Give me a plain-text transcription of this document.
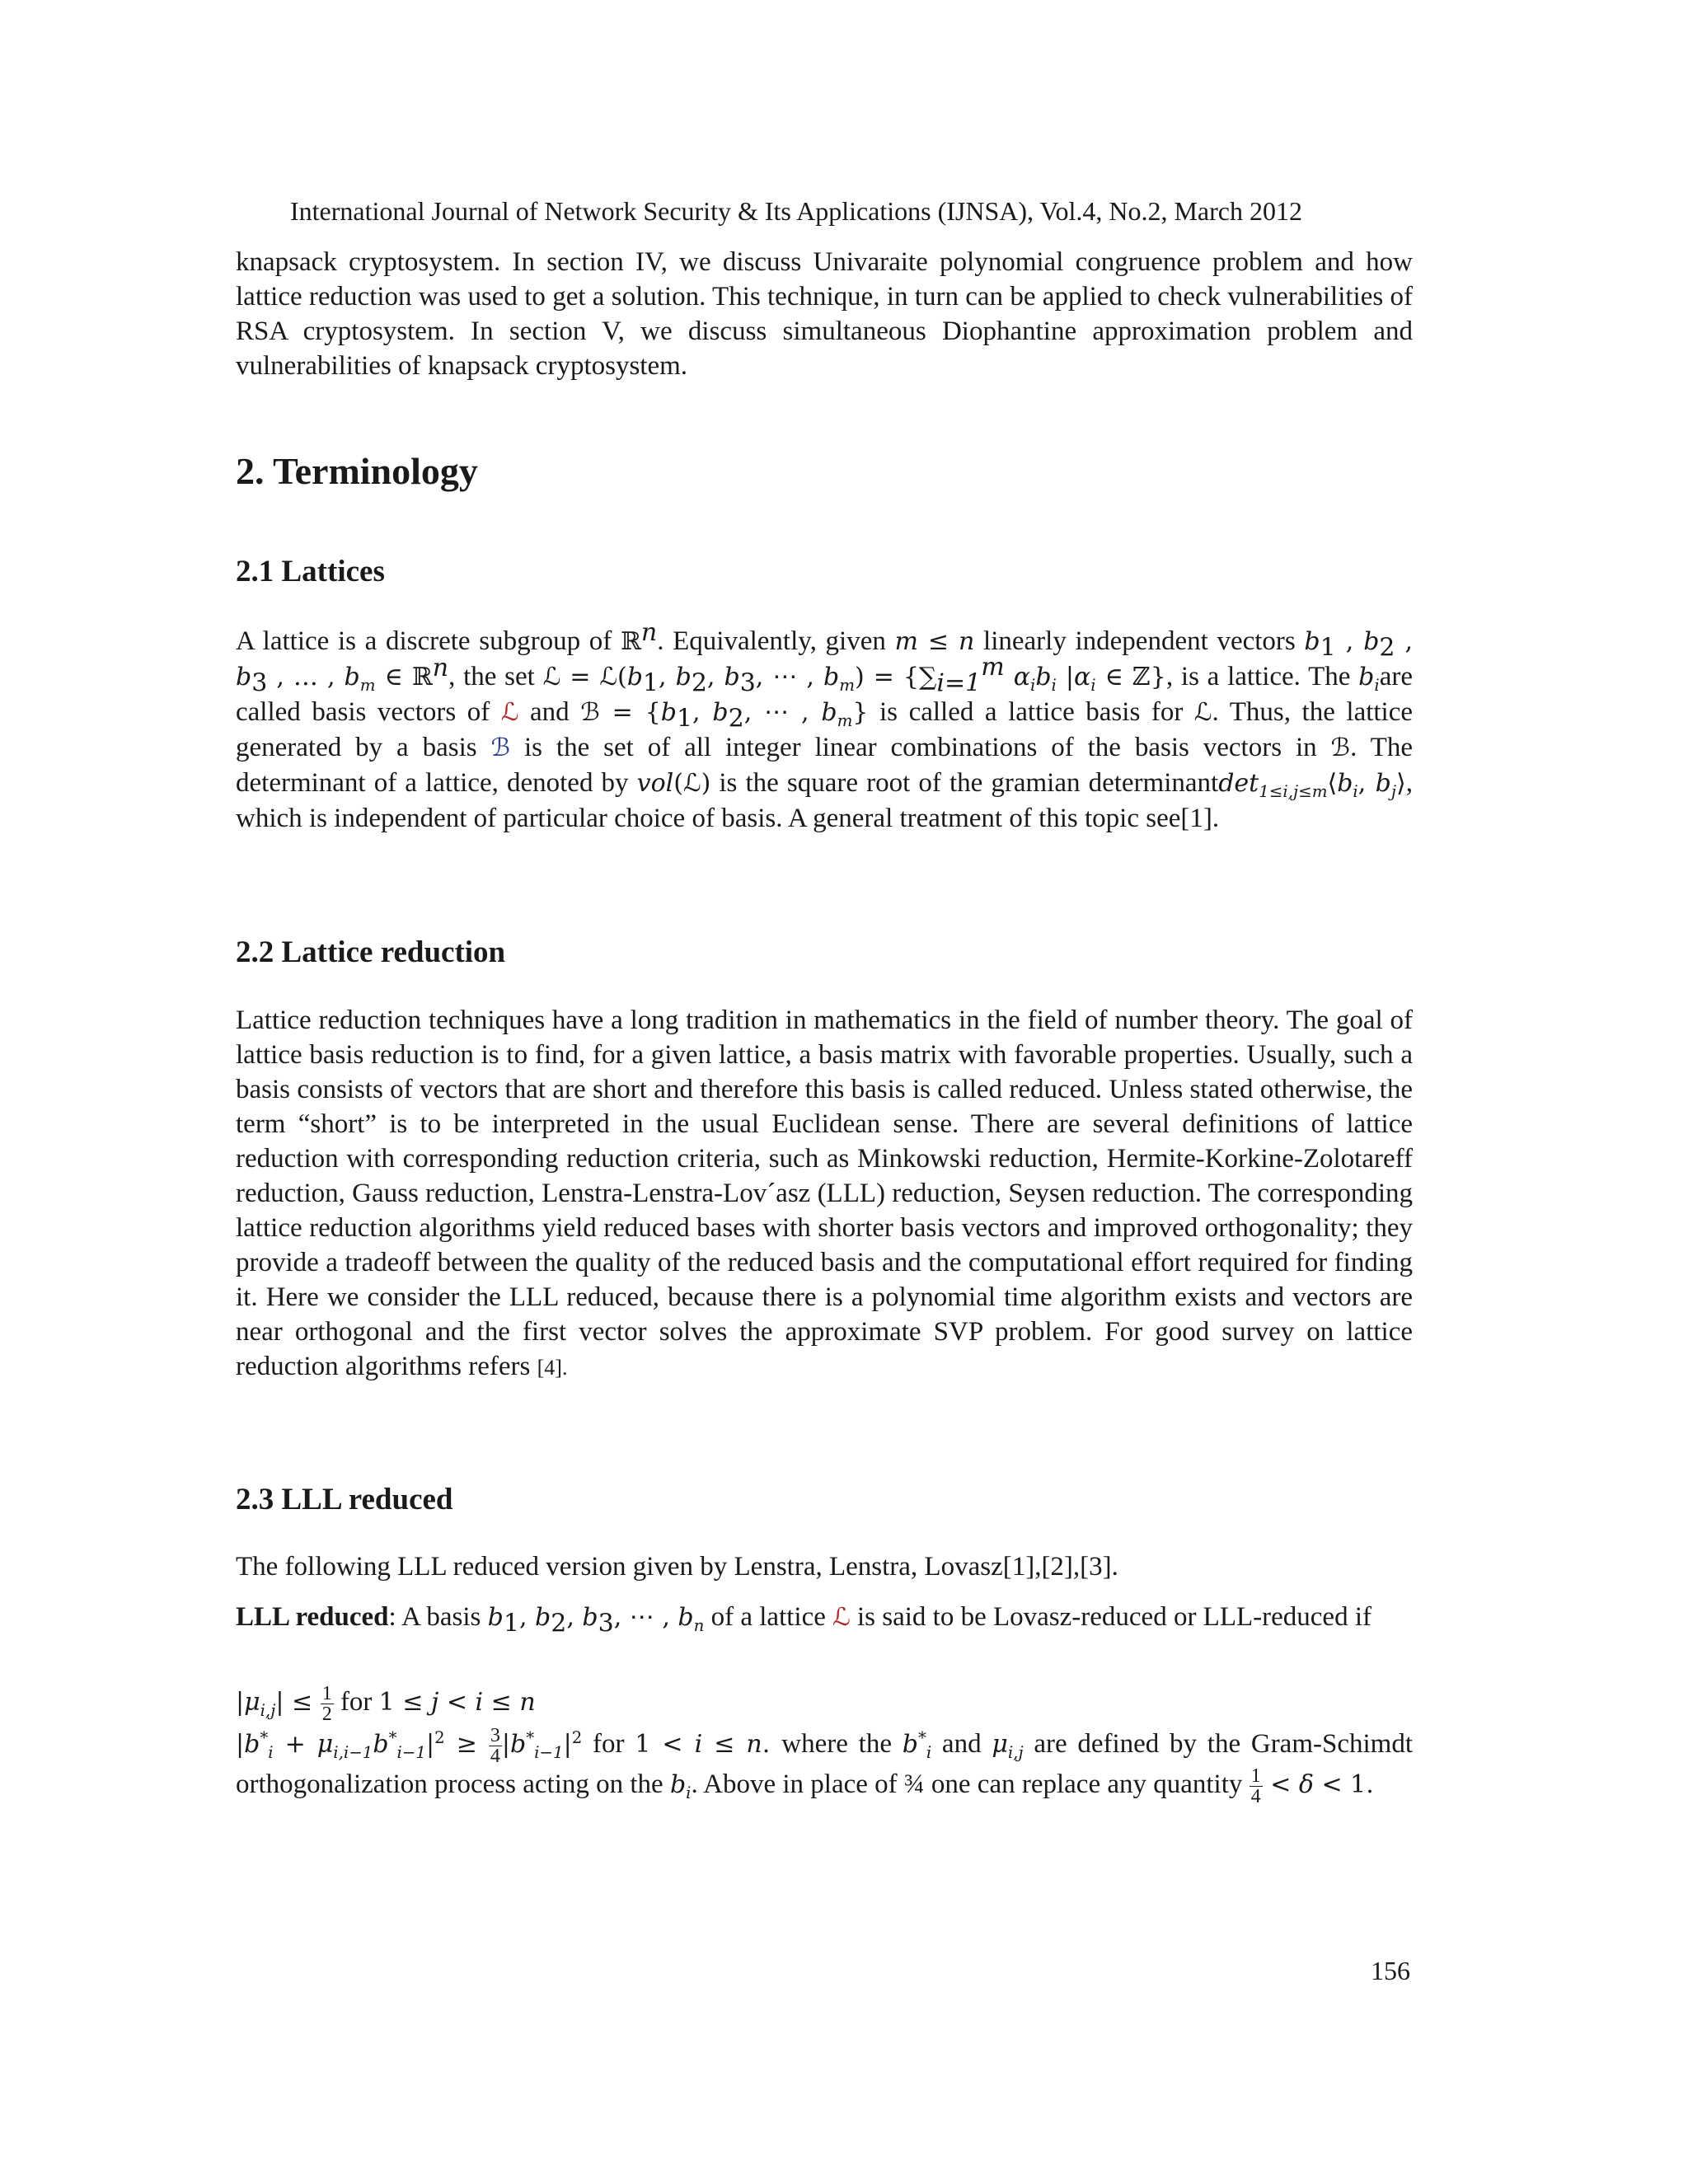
International Journal of Network Security & Its Applications (IJNSA), Vol.4, No.2, March 2012

knapsack cryptosystem. In section IV, we discuss Univaraite polynomial congruence problem and how lattice reduction was used to get a solution. This technique, in turn can be applied to check vulnerabilities of RSA cryptosystem. In section V, we discuss simultaneous Diophantine approximation problem and vulnerabilities of knapsack cryptosystem.

2. Terminology
2.1 Lattices

A lattice is a discrete subgroup of ℝ$^n$. Equivalently, given m ≤ n linearly independent vectors $b_1$ , $b_2$ , $b_3$ , … , $b_m$ ∈ ℝ$^n$, the set ℒ = $ℒ(b_1$, $b_2$, $b_3$, ⋯ , $b_m) = \{\sum_{i=1}^m$ $\alpha_ib_i$ $|\alpha_i$ ∈ ℤ}, is a lattice. The $b_iare$ called basis vectors of ℒ and ℬ = {$b_1$, $b_2$, ⋯ , $b_m$} is called a lattice basis for ℒ. Thus, the lattice generated by a basis ℬ is the set of all integer linear combinations of the basis vectors in ℬ. The determinant of a lattice, denoted by vol(ℒ) is the square root of the gramian $determinantdet_{1\le i,j\le m}⟨b_i$, $b_j⟩$, which is independent of particular choice of basis. A general treatment of this topic see[1].

2.2 Lattice reduction

Lattice reduction techniques have a long tradition in mathematics in the field of number theory. The goal of lattice basis reduction is to find, for a given lattice, a basis matrix with favorable properties. Usually, such a basis consists of vectors that are short and therefore this basis is called reduced. Unless stated otherwise, the term “short” is to be interpreted in the usual Euclidean sense. There are several definitions of lattice reduction with corresponding reduction criteria, such as Minkowski reduction, Hermite-Korkine-Zolotareff reduction, Gauss reduction, Lenstra-Lenstra-Lov´asz (LLL) reduction, Seysen reduction. The corresponding lattice reduction algorithms yield reduced bases with shorter basis vectors and improved orthogonality; they provide a tradeoff between the quality of the reduced basis and the computational effort required for finding it. Here we consider the LLL reduced, because there is a polynomial time algorithm exists and vectors are near orthogonal and the first vector solves the approximate SVP problem. For good survey on lattice reduction algorithms refers [4].

2.3 LLL reduced

The following LLL reduced version given by Lenstra, Lenstra, Lovasz[1],[2],[3].

LLL reduced: A basis $b_1$, $b_2$, $b_3$, ⋯ , $b_n$ of a lattice ℒ is said to be Lovasz-reduced or LLL-reduced if

$|\mu_{i,j}| \le \frac{1}{2}$ for 1 ≤ j < i ≤ n

$|b^*_i + \mu_{i,i-1}b^*_{i-1}|^2 \ge \frac{3}{4} |b^*_{i-1}|^2$ for 1 < i ≤ n. where the $b^*_i$ and $\mu_{i,j}$ are defined by the Gram-Schimdt orthogonalization process acting on the $b_i$. Above in place of ¾ one can replace any quantity $\frac{1}{4} < \delta < 1$.

156
